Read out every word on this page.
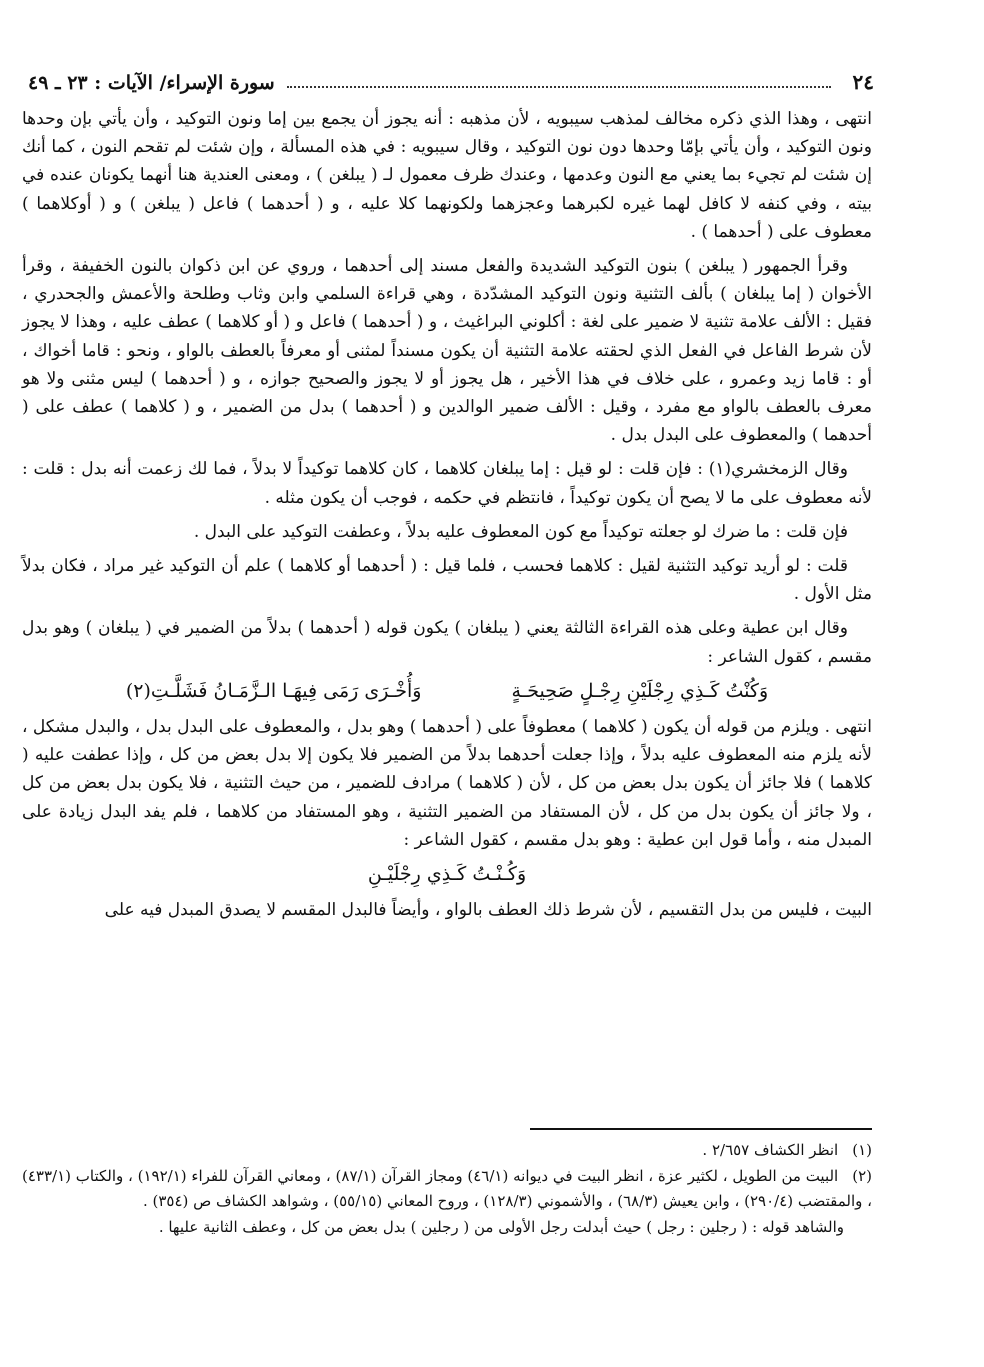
٢٤
سورة الإسراء/ الآيات : ٢٣ ـ ٤٩

انتهى ، وهذا الذي ذكره مخالف لمذهب سيبويه ، لأن مذهبه : أنه يجوز أن يجمع بين إما ونون التوكيد ، وأن يأتي بإن وحدها ونون التوكيد ، وأن يأتي بإمّا وحدها دون نون التوكيد ، وقال سيبويه : في هذه المسألة ، وإن شئت لم تقحم النون ، كما أنك إن شئت لم تجيء بما يعني مع النون وعدمها ، وعندك ظرف معمول لـ ( يبلغن ) ، ومعنى العندية هنا أنهما يكونان عنده في بيته ، وفي كنفه لا كافل لهما غيره لكبرهما وعجزهما ولكونهما كلا عليه ، و ( أحدهما ) فاعل ( يبلغن ) و ( أوكلاهما ) معطوف على ( أحدهما ) .

وقرأ الجمهور ( يبلغن ) بنون التوكيد الشديدة والفعل مسند إلى أحدهما ، وروي عن ابن ذكوان بالنون الخفيفة ، وقرأ الأخوان ( إما يبلغان ) بألف التثنية ونون التوكيد المشدّدة ، وهي قراءة السلمي وابن وثاب وطلحة والأعمش والجحدري ، فقيل : الألف علامة تثنية لا ضمير على لغة : أكلوني البراغيث ، و ( أحدهما ) فاعل و ( أو كلاهما ) عطف عليه ، وهذا لا يجوز لأن شرط الفاعل في الفعل الذي لحقته علامة التثنية أن يكون مسنداً لمثنى أو معرفاً بالعطف بالواو ، ونحو : قاما أخواك ، أو : قاما زيد وعمرو ، على خلاف في هذا الأخير ، هل يجوز أو لا يجوز والصحيح جوازه ، و ( أحدهما ) ليس مثنى ولا هو معرف بالعطف بالواو مع مفرد ، وقيل : الألف ضمير الوالدين و ( أحدهما ) بدل من الضمير ، و ( كلاهما ) عطف على ( أحدهما ) والمعطوف على البدل بدل .

وقال الزمخشري(١) : فإن قلت : لو قيل : إما يبلغان كلاهما ، كان كلاهما توكيداً لا بدلاً ، فما لك زعمت أنه بدل : قلت : لأنه معطوف على ما لا يصح أن يكون توكيداً ، فانتظم في حكمه ، فوجب أن يكون مثله .

فإن قلت : ما ضرك لو جعلته توكيداً مع كون المعطوف عليه بدلاً ، وعطفت التوكيد على البدل .

قلت : لو أريد توكيد التثنية لقيل : كلاهما فحسب ، فلما قيل : ( أحدهما أو كلاهما ) علم أن التوكيد غير مراد ، فكان بدلاً مثل الأول .

وقال ابن عطية وعلى هذه القراءة الثالثة يعني ( يبلغان ) يكون قوله ( أحدهما ) بدلاً من الضمير في ( يبلغان ) وهو بدل مقسم ، كقول الشاعر :

وَكُنْتُ كَـذِي رِجْلَيْنِ رِجْـلٍ صَحِيحَـةٍ
وَأُخْـرَى رَمَى فِيهَـا الـزَّمَـانُ فَشَلَّـتِ(٢)

انتهى . ويلزم من قوله أن يكون ( كلاهما ) معطوفاً على ( أحدهما ) وهو بدل ، والمعطوف على البدل بدل ، والبدل مشكل ، لأنه يلزم منه المعطوف عليه بدلاً ، وإذا جعلت أحدهما بدلاً من الضمير فلا يكون إلا بدل بعض من كل ، وإذا عطفت عليه ( كلاهما ) فلا جائز أن يكون بدل بعض من كل ، لأن ( كلاهما ) مرادف للضمير ، من حيث التثنية ، فلا يكون بدل بعض من كل ، ولا جائز أن يكون بدل من كل ، لأن المستفاد من الضمير التثنية ، وهو المستفاد من كلاهما ، فلم يفد البدل زيادة على المبدل منه ، وأما قول ابن عطية : وهو بدل مقسم ، كقول الشاعر :

وَكُـنْـتُ كَـذِي رِجْلَيْـنِ

البيت ، فليس من بدل التقسيم ، لأن شرط ذلك العطف بالواو ، وأيضاً فالبدل المقسم لا يصدق المبدل فيه على

(١)انظر الكشاف ٢/٦٥٧ .

(٢)البيت من الطويل ، لكثير عزة ، انظر البيت في ديوانه (٤٦/١) ومجاز القرآن (٨٧/١) ، ومعاني القرآن للفراء (١٩٢/١) ، والكتاب (٤٣٣/١) ، والمقتضب (٢٩٠/٤) ، وابن يعيش (٦٨/٣) ، والأشموني (١٢٨/٣) ، وروح المعاني (٥٥/١٥) ، وشواهد الكشاف ص (٣٥٤) .

والشاهد قوله : ( رجلين : رجل ) حيث أبدلت رجل الأولى من ( رجلين ) بدل بعض من كل ، وعطف الثانية عليها .
